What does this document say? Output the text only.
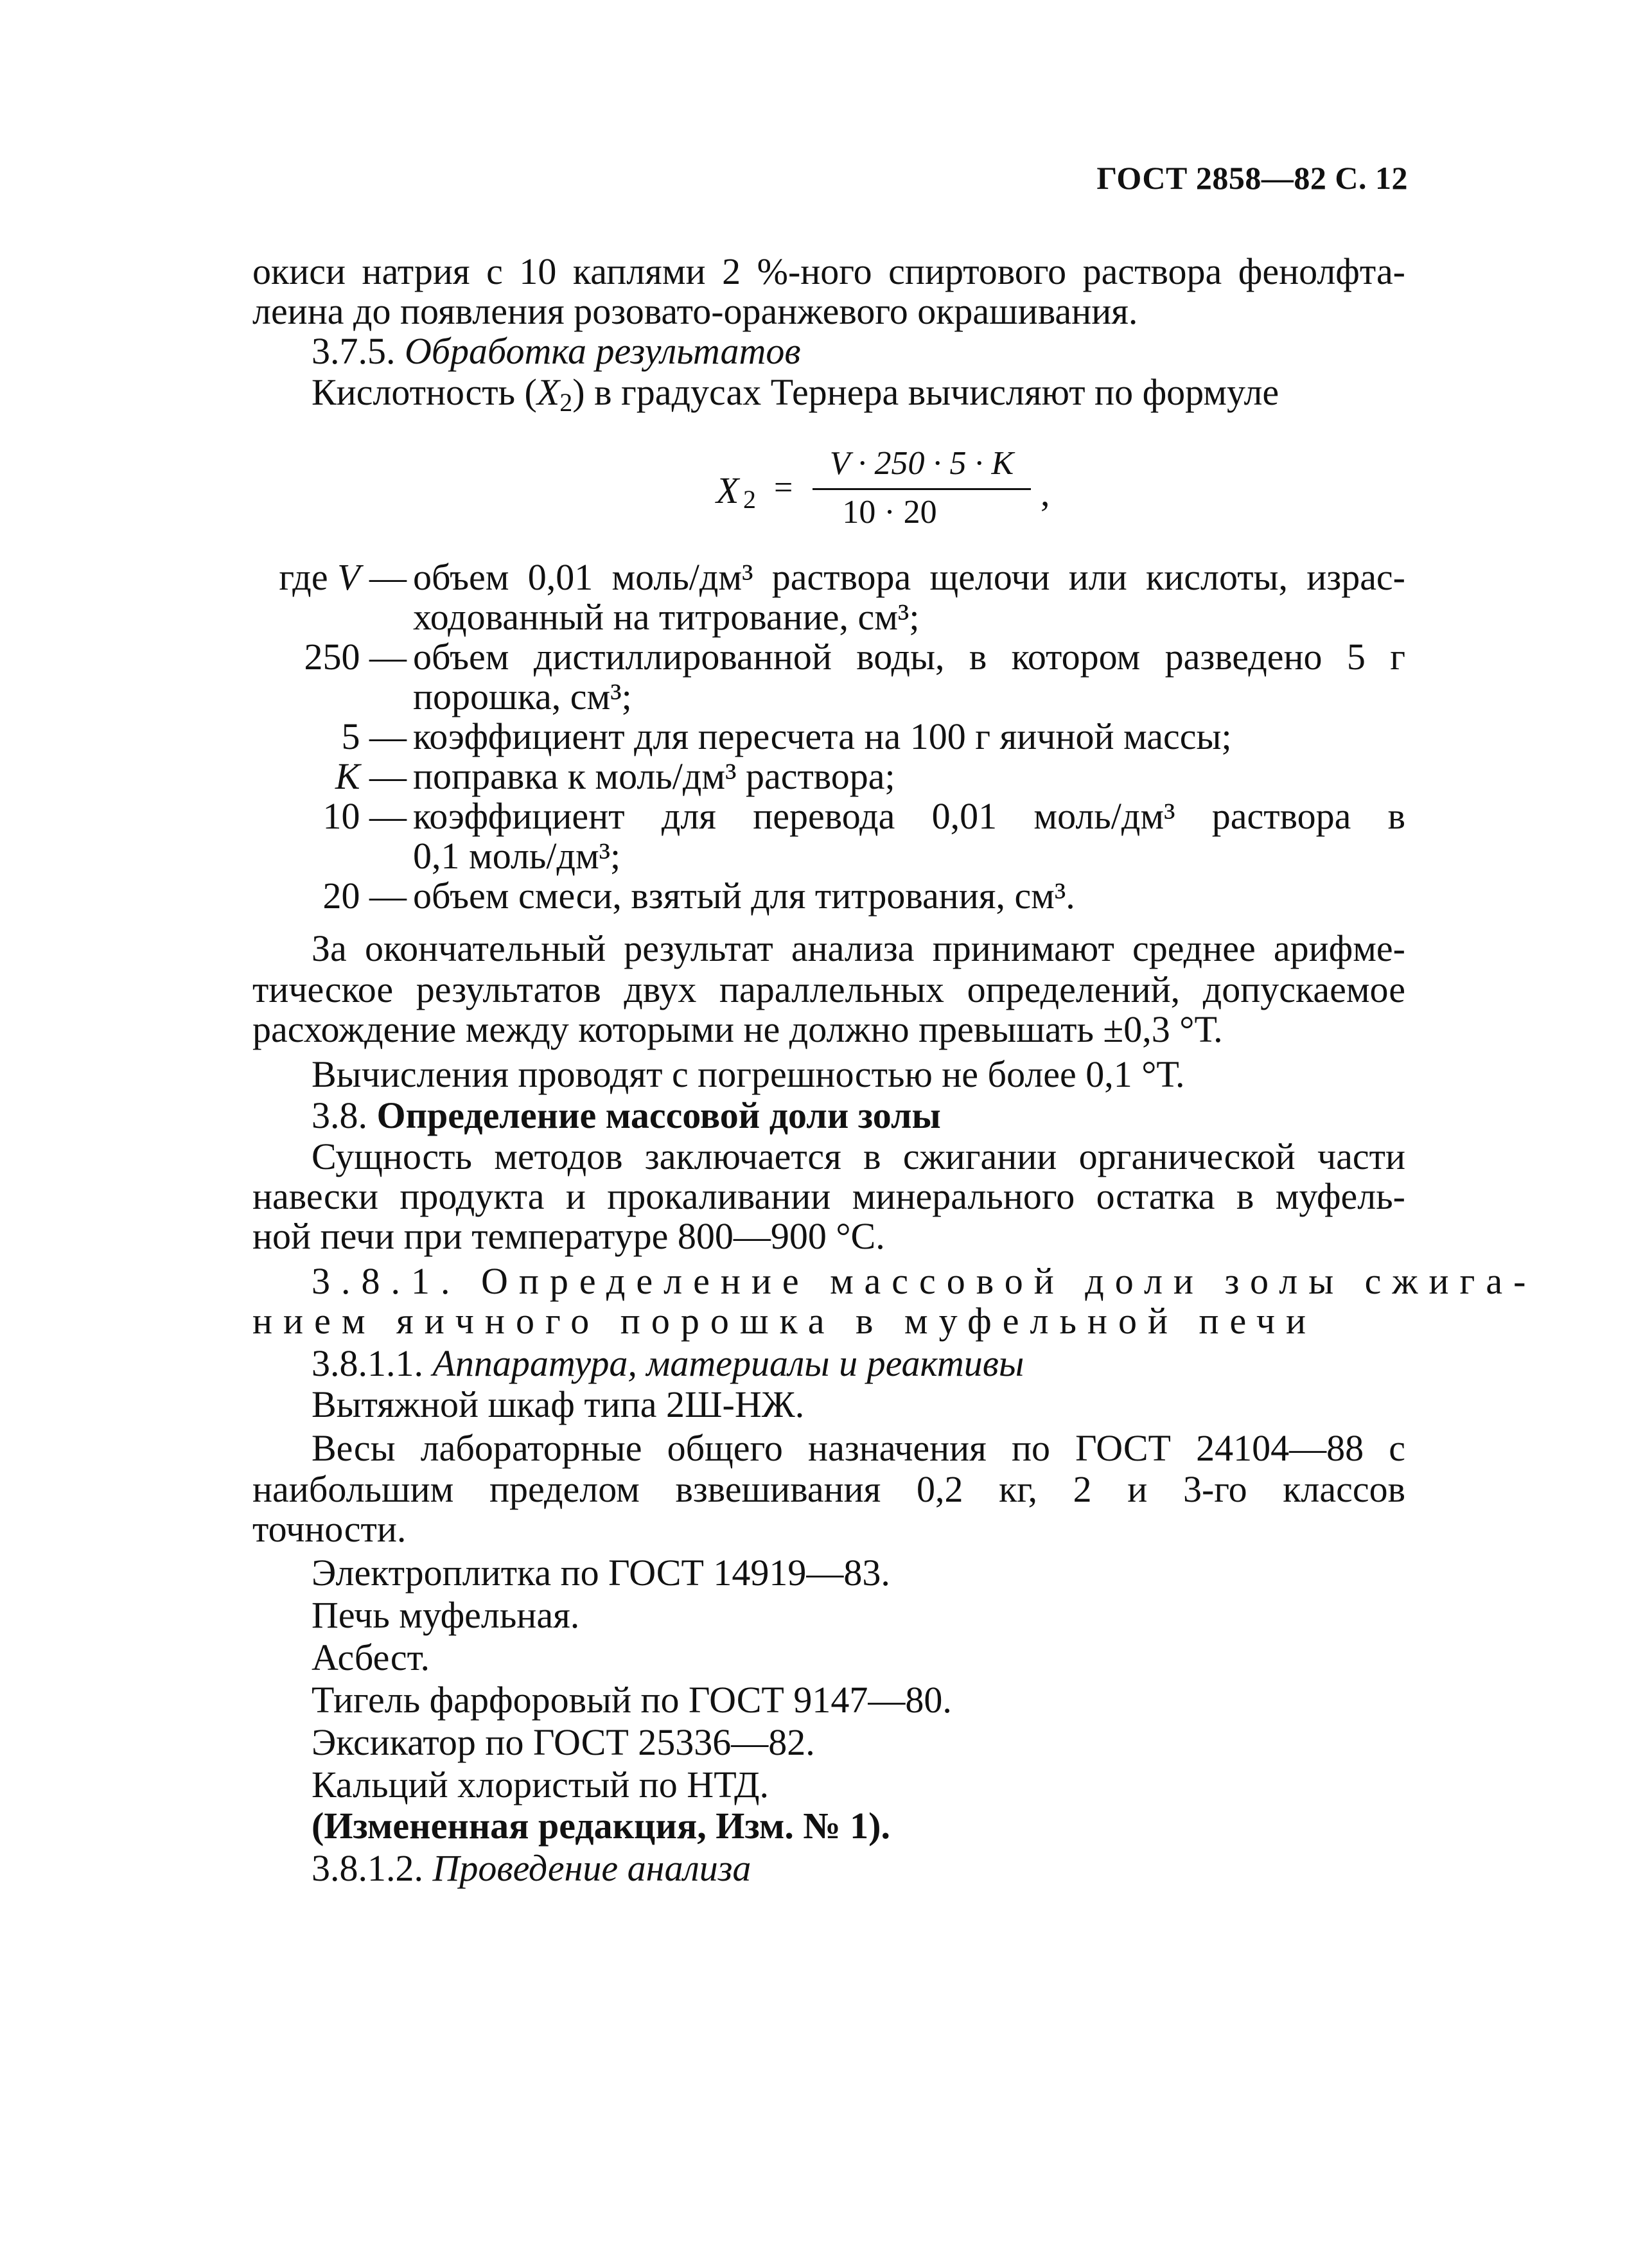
ГОСТ 2858—82 С. 12
окиси натрия с 10 каплями 2 %-ного спиртового раствора фенолфта-
леина до появления розовато-оранжевого окрашивания.
3.7.5. Обработка результатов
Кислотность $(X_2)$ в градусах Тернера вычисляют по формуле
X 2 =
V · 250 · 5 · K
10 · 20	,
где V — объем 0,01 моль/дм³ раствора щелочи или кислоты, израс-
ходованный на титрование, см³;
250 — объем дистиллированной воды, в котором разведено 5 г
порошка, см³;
5 — коэффициент для пересчета на 100 г яичной массы;
K — поправка к моль/дм³ раствора;
10 — коэффициент для перевода 0,01 моль/дм³ раствора в
0,1 моль/дм³;
20 — объем смеси, взятый для титрования, см³.
За окончательный результат анализа принимают среднее арифме-
тическое результатов двух параллельных определений, допускаемое
расхождение между которыми не должно превышать ±0,3 °Т.
Вычисления проводят с погрешностью не более 0,1 °Т.
3.8. Определение массовой доли золы
Сущность методов заключается в сжигании органической части
навески продукта и прокаливании минерального остатка в муфель-
ной печи при температуре 800—900 °С.
3.8.1. Определение массовой доли золы сжига-
нием яичного порошка в муфельной печи
3.8.1.1. Аппаратура, материалы и реактивы
Вытяжной шкаф типа 2Ш-НЖ.
Весы лабораторные общего назначения по ГОСТ 24104—88 с
наибольшим пределом взвешивания 0,2 кг, 2 и 3-го классов
точности.
Электроплитка по ГОСТ 14919—83.
Печь муфельная.
Асбест.
Тигель фарфоровый по ГОСТ 9147—80.
Эксикатор по ГОСТ 25336—82.
Кальций хлористый по НТД.
(Измененная редакция, Изм. № 1).
3.8.1.2. Проведение анализа
